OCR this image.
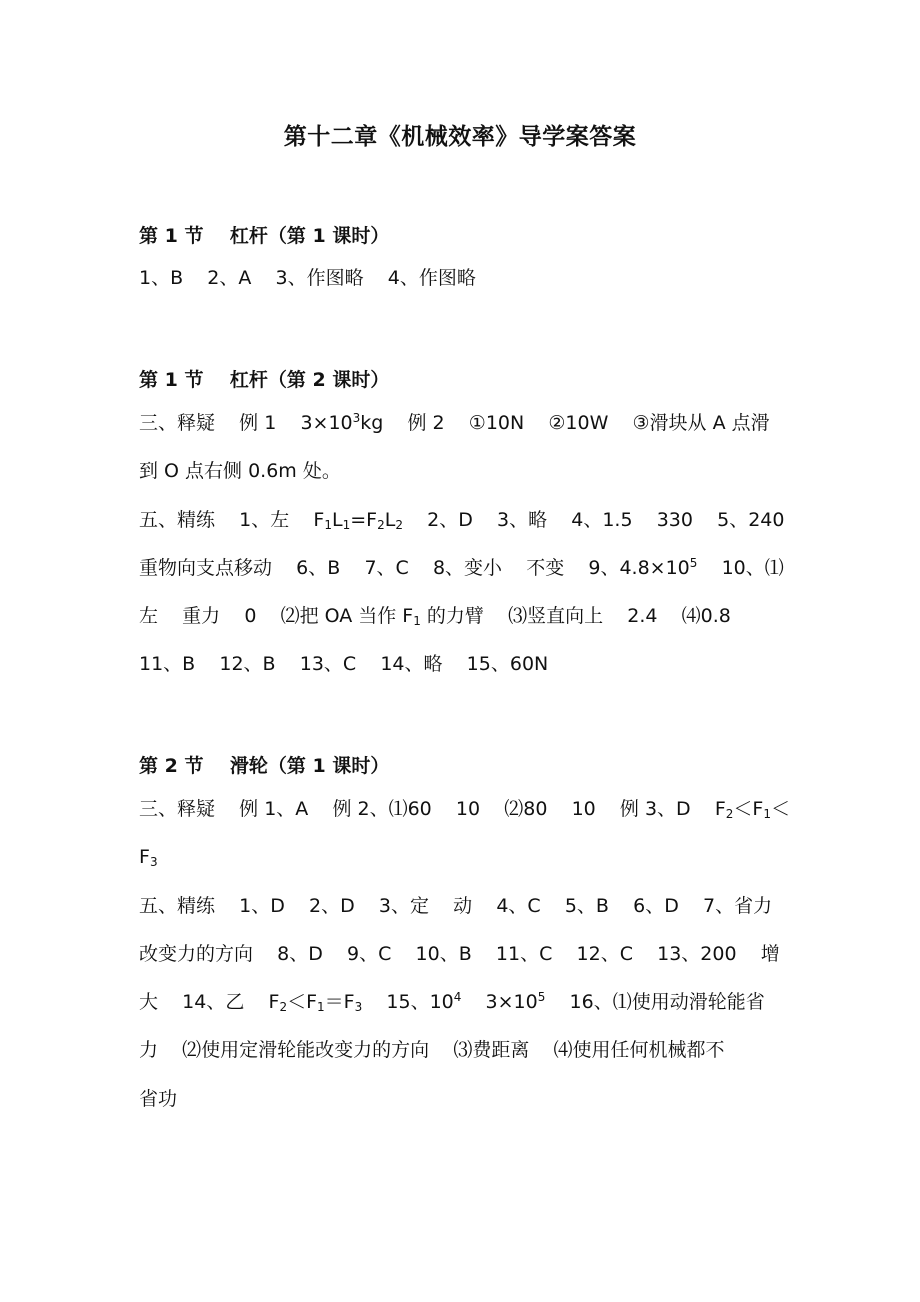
第十二章《机械效率》导学案答案
第 1 节    杠杆（第 1 课时）
1、B    2、A    3、作图略    4、作图略
第 1 节    杠杆（第 2 课时）
三、释疑    例 1    $3\times 10^3kg$    例 2    ①10N    ②10W    ③滑块从 A 点滑
到 O 点右侧 0.6m 处。
五、精练    1、左    $F_1L_1=F_2L_2$    2、D    3、略    4、1.5    330    5、240
重物向支点移动    6、B    7、C    8、变小    不变    9、$4.8\times 10^5$    10、⑴
左    重力    0    ⑵把 OA 当作 $F_1$ 的力臂    ⑶竖直向上    2.4    ⑷0.8
11、B    12、B    13、C    14、略    15、60N
第 2 节    滑轮（第 1 课时）
三、释疑    例 1、A    例 2、⑴60    10    ⑵80    10    例 3、D    $F_2<F_1<$
$F_3$
五、精练    1、D    2、D    3、定    动    4、C    5、B    6、D    7、省力
改变力的方向    8、D    9、C    10、B    11、C    12、C    13、200    增
大    14、乙    $F_2<F_1=F_3$    15、$10^4$    $3\times 10^5$    16、⑴使用动滑轮能省
力    ⑵使用定滑轮能改变力的方向    ⑶费距离    ⑷使用任何机械都不
省功
